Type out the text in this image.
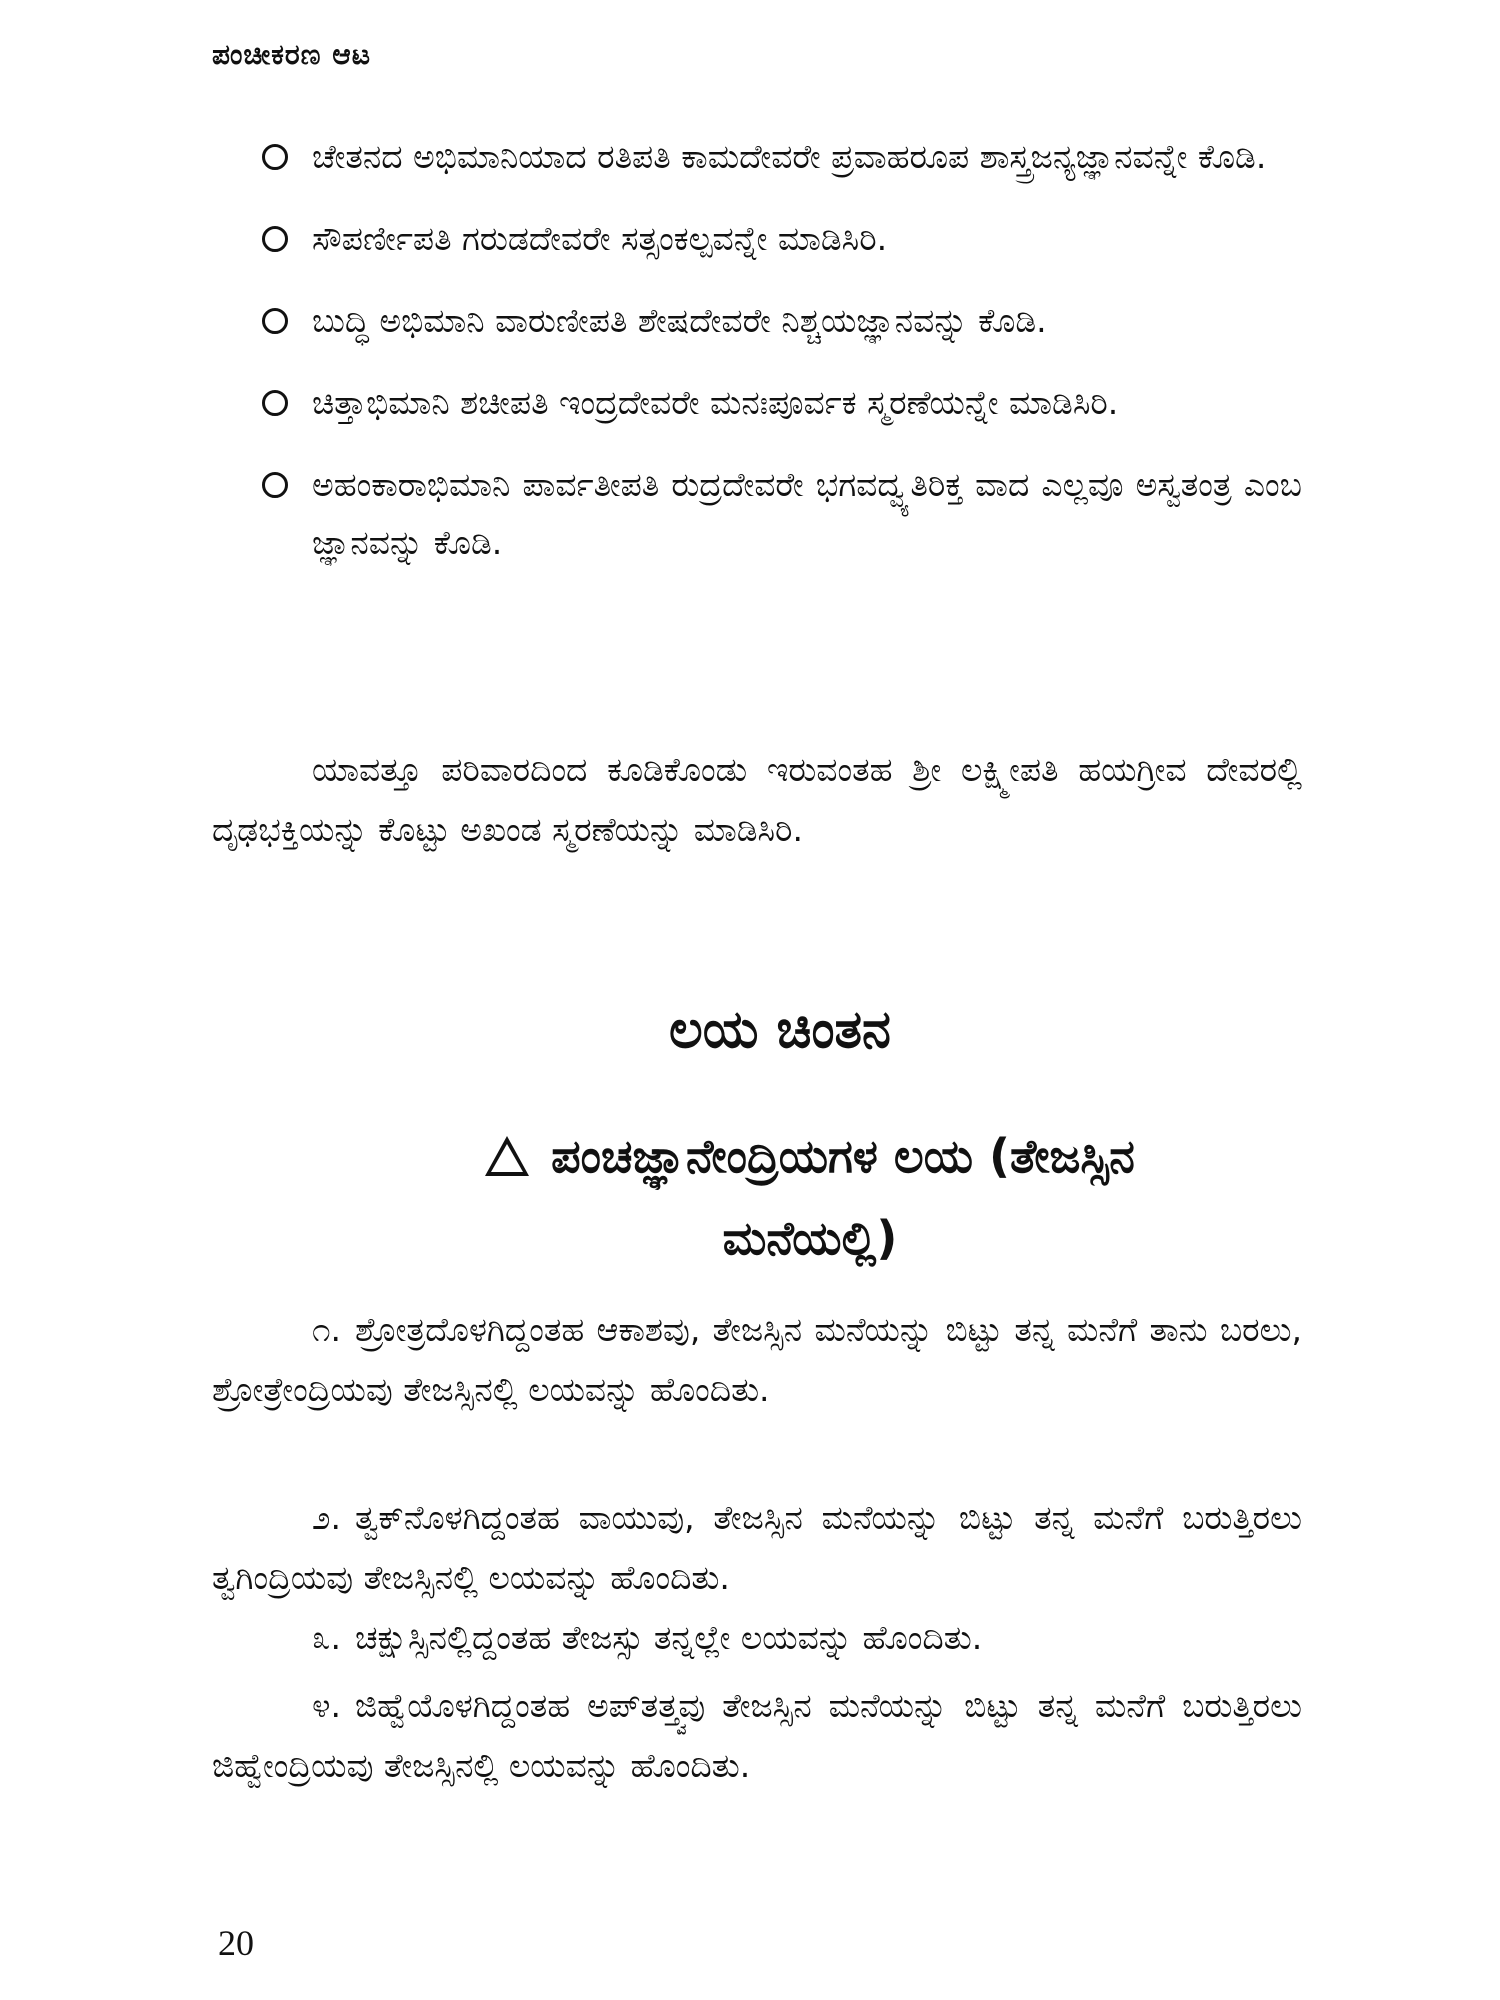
ಪಂಚೀಕರಣ ಆಟ
ಚೇತನದ ಅಭಿಮಾನಿಯಾದ ರತಿಪತಿ ಕಾಮದೇವರೇ ಪ್ರವಾಹರೂಪ ಶಾಸ್ತ್ರಜನ್ಯಜ್ಞಾನವನ್ನೇ ಕೊಡಿ.
ಸೌಪರ್ಣೀಪತಿ ಗರುಡದೇವರೇ ಸತ್ಸಂಕಲ್ಪವನ್ನೇ ಮಾಡಿಸಿರಿ.
ಬುದ್ಧಿ ಅಭಿಮಾನಿ ವಾರುಣೀಪತಿ ಶೇಷದೇವರೇ ನಿಶ್ಚಯಜ್ಞಾನವನ್ನು ಕೊಡಿ.
ಚಿತ್ತಾಭಿಮಾನಿ ಶಚೀಪತಿ ಇಂದ್ರದೇವರೇ ಮನಃಪೂರ್ವಕ ಸ್ಮರಣೆಯನ್ನೇ ಮಾಡಿಸಿರಿ.
ಅಹಂಕಾರಾಭಿಮಾನಿ ಪಾರ್ವತೀಪತಿ ರುದ್ರದೇವರೇ ಭಗವದ್ವ್ಯತಿರಿಕ್ತ ವಾದ ಎಲ್ಲವೂ ಅಸ್ವತಂತ್ರ ಎಂಬ ಜ್ಞಾನವನ್ನು ಕೊಡಿ.
ಯಾವತ್ತೂ ಪರಿವಾರದಿಂದ ಕೂಡಿಕೊಂಡು ಇರುವಂತಹ ಶ್ರೀ ಲಕ್ಷ್ಮೀಪತಿ ಹಯಗ್ರೀವ ದೇವರಲ್ಲಿ ದೃಢಭಕ್ತಿಯನ್ನು ಕೊಟ್ಟು ಅಖಂಡ ಸ್ಮರಣೆಯನ್ನು ಮಾಡಿಸಿರಿ.
ಲಯ ಚಿಂತನ
ಪಂಚಜ್ಞಾನೇಂದ್ರಿಯಗಳ ಲಯ (ತೇಜಸ್ಸಿನ ಮನೆಯಲ್ಲಿ)
೧. ಶ್ರೋತ್ರದೊಳಗಿದ್ದಂತಹ ಆಕಾಶವು, ತೇಜಸ್ಸಿನ ಮನೆಯನ್ನು ಬಿಟ್ಟು ತನ್ನ ಮನೆಗೆ ತಾನು ಬರಲು, ಶ್ರೋತ್ರೇಂದ್ರಿಯವು ತೇಜಸ್ಸಿನಲ್ಲಿ ಲಯವನ್ನು ಹೊಂದಿತು.
೨. ತ್ವಕ್‌ನೊಳಗಿದ್ದಂತಹ ವಾಯುವು, ತೇಜಸ್ಸಿನ ಮನೆಯನ್ನು ಬಿಟ್ಟು ತನ್ನ ಮನೆಗೆ ಬರುತ್ತಿರಲು ತ್ವಗಿಂದ್ರಿಯವು ತೇಜಸ್ಸಿನಲ್ಲಿ ಲಯವನ್ನು ಹೊಂದಿತು.
೩. ಚಕ್ಷುಸ್ಸಿನಲ್ಲಿದ್ದಂತಹ ತೇಜಸ್ಸು ತನ್ನಲ್ಲೇ ಲಯವನ್ನು ಹೊಂದಿತು.
೪. ಜಿಹ್ವೆಯೊಳಗಿದ್ದಂತಹ ಅಪ್‌ತತ್ತ್ವವು ತೇಜಸ್ಸಿನ ಮನೆಯನ್ನು ಬಿಟ್ಟು ತನ್ನ ಮನೆಗೆ ಬರುತ್ತಿರಲು ಜಿಹ್ವೇಂದ್ರಿಯವು ತೇಜಸ್ಸಿನಲ್ಲಿ ಲಯವನ್ನು ಹೊಂದಿತು.
20
